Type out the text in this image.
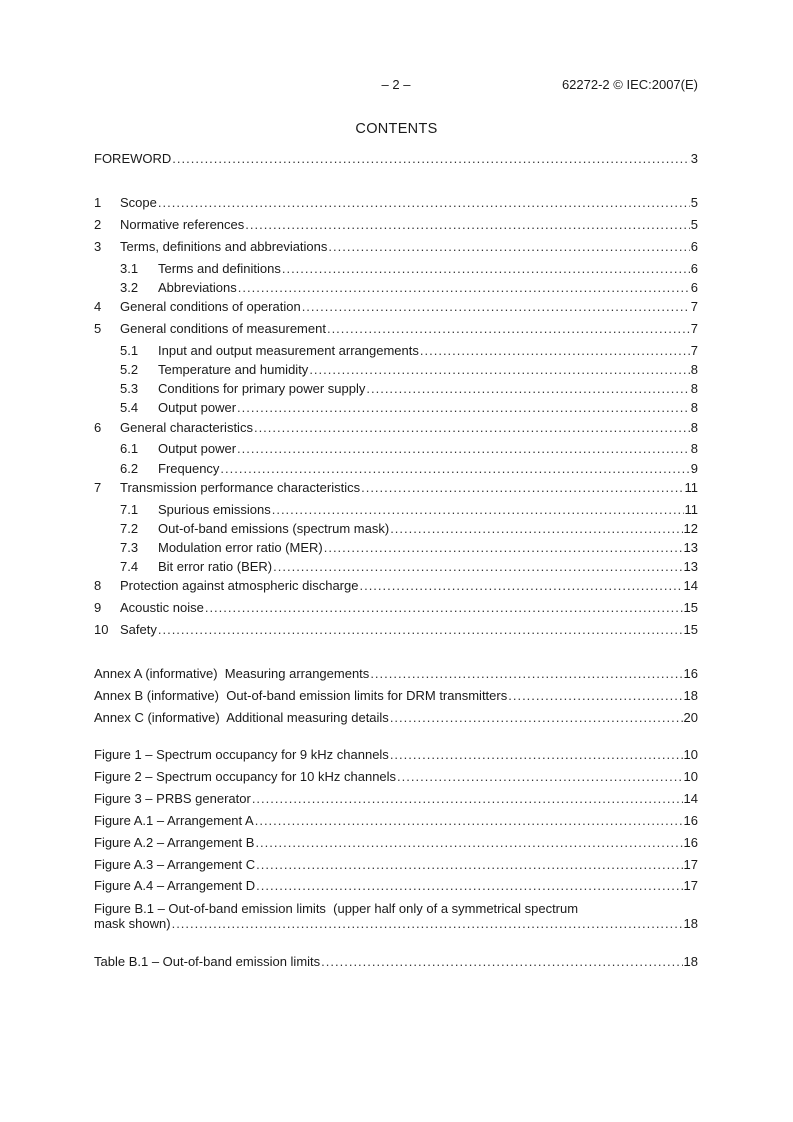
– 2 –	62272-2 © IEC:2007(E)
CONTENTS
FOREWORD .....	3
1	Scope .....	5
2	Normative references .....	5
3	Terms, definitions and abbreviations .....	6
3.1	Terms and definitions .....	6
3.2	Abbreviations .....	6
4	General conditions of operation .....	7
5	General conditions of measurement .....	7
5.1	Input and output measurement arrangements .....	7
5.2	Temperature and humidity .....	8
5.3	Conditions for primary power supply .....	8
5.4	Output power .....	8
6	General characteristics .....	8
6.1	Output power .....	8
6.2	Frequency .....	9
7	Transmission performance characteristics .....	11
7.1	Spurious emissions .....	11
7.2	Out-of-band emissions (spectrum mask) .....	12
7.3	Modulation error ratio (MER) .....	13
7.4	Bit error ratio (BER) .....	13
8	Protection against atmospheric discharge .....	14
9	Acoustic noise .....	15
10 Safety .....	15
Annex A (informative)  Measuring arrangements .....	16
Annex B (informative)  Out-of-band emission limits for DRM transmitters .....	18
Annex C (informative)  Additional measuring details .....	20
Figure 1 – Spectrum occupancy for 9 kHz channels .....	10
Figure 2 – Spectrum occupancy for 10 kHz channels .....	10
Figure 3 – PRBS generator .....	14
Figure A.1 – Arrangement A .....	16
Figure A.2 – Arrangement B .....	16
Figure A.3 – Arrangement C .....	17
Figure A.4 – Arrangement D .....	17
Figure B.1 – Out-of-band emission limits  (upper half only of a symmetrical spectrum
mask shown) .....	18
Table B.1 – Out-of-band emission limits .....	18
